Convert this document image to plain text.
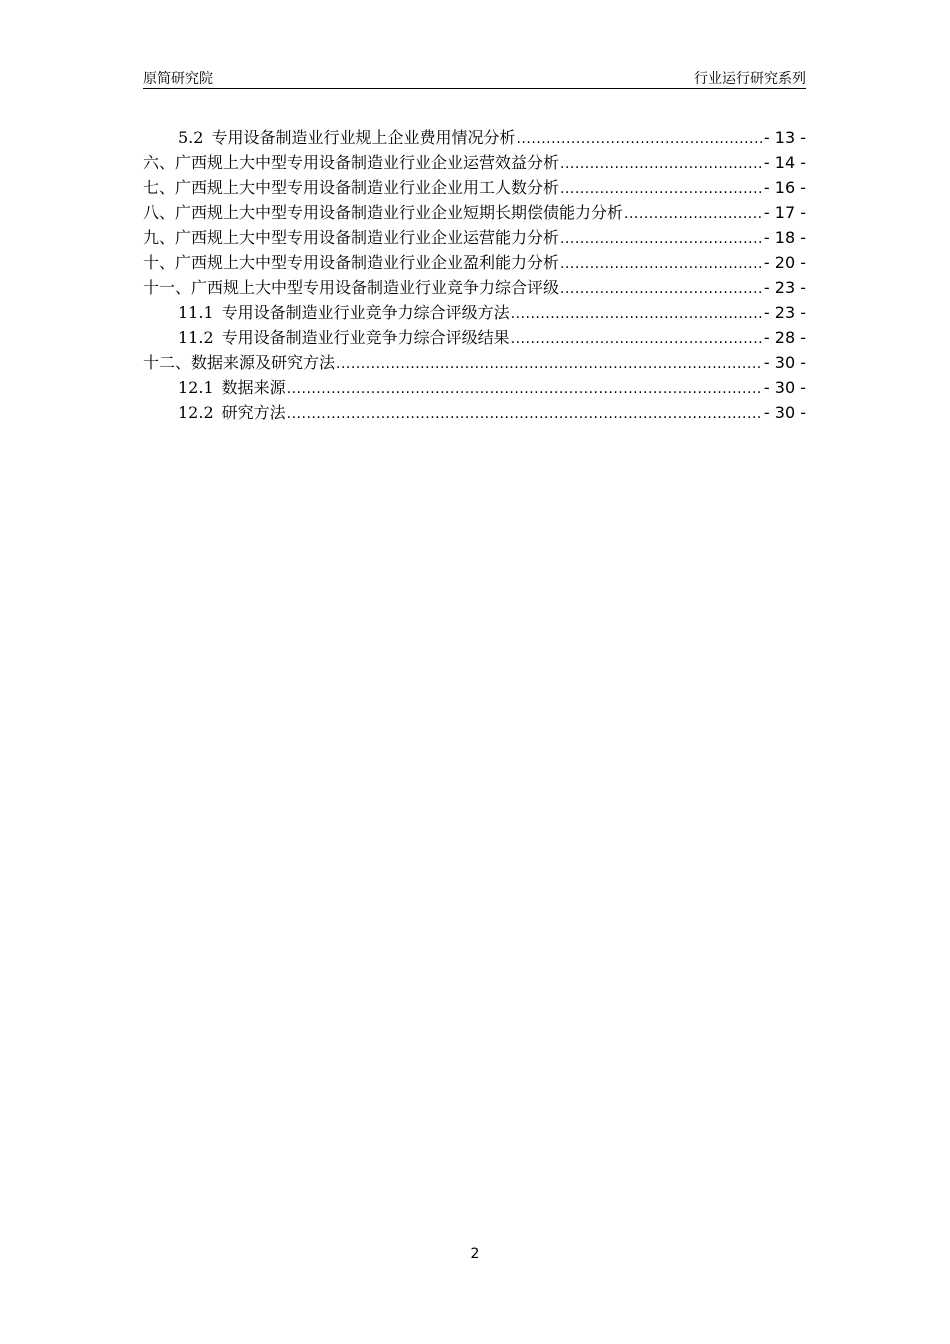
原简研究院	行业运行研究系列
5.2 专用设备制造业行业规上企业费用情况分析 .....	- 13 -
六、广西规上大中型专用设备制造业行业企业运营效益分析 .....	- 14 -
七、广西规上大中型专用设备制造业行业企业用工人数分析 .....	- 16 -
八、广西规上大中型专用设备制造业行业企业短期长期偿债能力分析 .....	- 17 -
九、广西规上大中型专用设备制造业行业企业运营能力分析 .....	- 18 -
十、广西规上大中型专用设备制造业行业企业盈利能力分析 .....	- 20 -
十一、广西规上大中型专用设备制造业行业竞争力综合评级 .....	- 23 -
11.1 专用设备制造业行业竞争力综合评级方法 .....	- 23 -
11.2 专用设备制造业行业竞争力综合评级结果 .....	- 28 -
十二、数据来源及研究方法 .....	- 30 -
12.1 数据来源 .....	- 30 -
12.2 研究方法 .....	- 30 -
2
